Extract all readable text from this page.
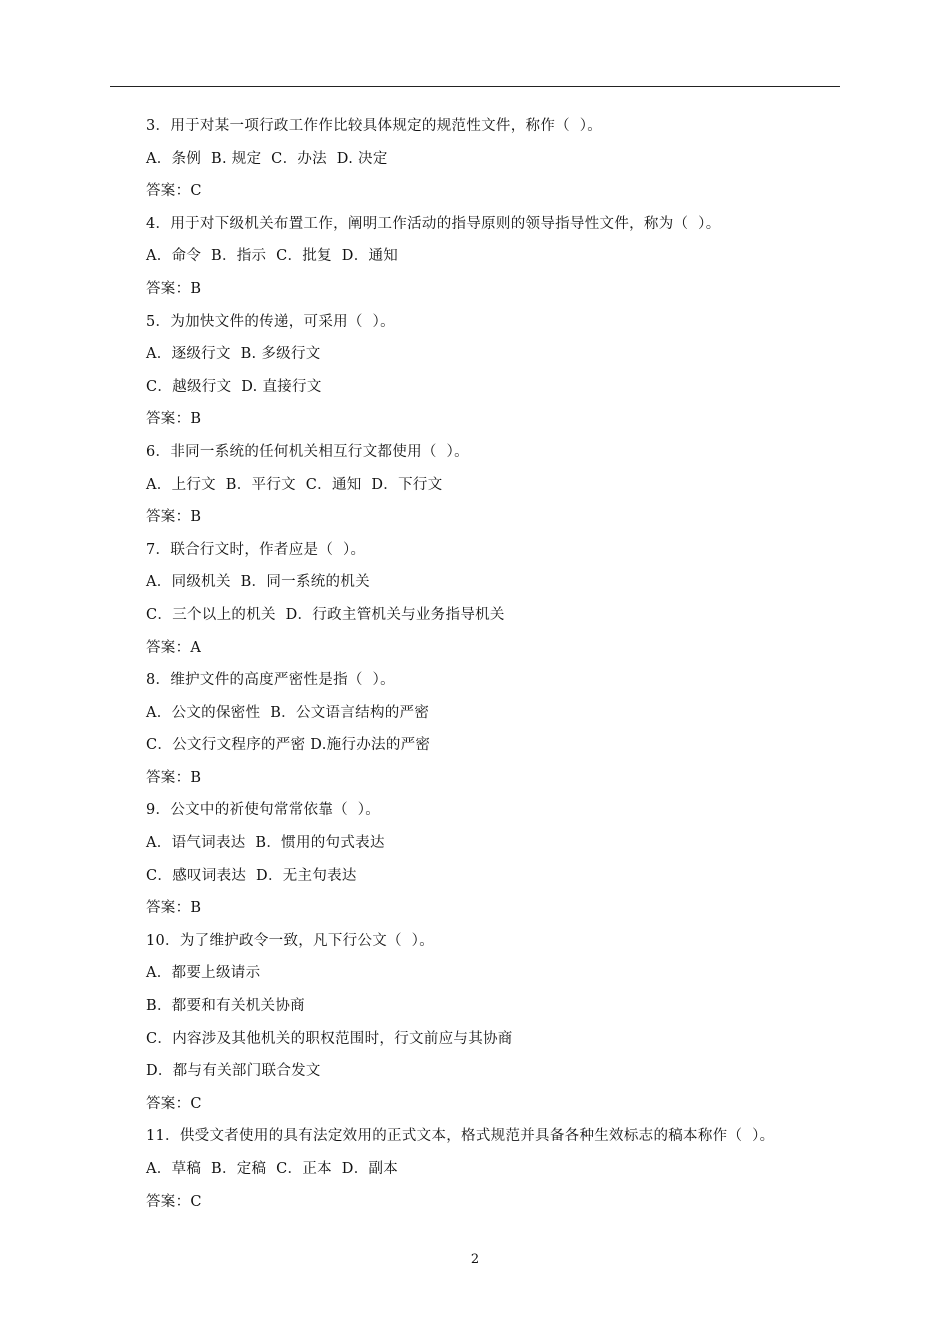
3．用于对某一项行政工作作比较具体规定的规范性文件，称作（  ）。
A．条例  B. 规定  C．办法  D. 决定
答案：C
4．用于对下级机关布置工作，阐明工作活动的指导原则的领导指导性文件，称为（  ）。
A．命令  B．指示  C．批复  D．通知
答案：B
5．为加快文件的传递，可采用（  ）。
A．逐级行文  B. 多级行文
C．越级行文  D. 直接行文
答案：B
6．非同一系统的任何机关相互行文都使用（  ）。
A．上行文  B．平行文  C．通知  D．下行文
答案：B
7．联合行文时，作者应是（  ）。
A．同级机关  B．同一系统的机关
C．三个以上的机关  D．行政主管机关与业务指导机关
答案：A
8．维护文件的高度严密性是指（  ）。
A．公文的保密性  B．公文语言结构的严密
C．公文行文程序的严密 D.施行办法的严密
答案：B
9．公文中的祈使句常常依靠（  ）。
A．语气词表达  B．惯用的句式表达
C．感叹词表达  D．无主句表达
答案：B
10．为了维护政令一致，凡下行公文（  ）。
A．都要上级请示
B．都要和有关机关协商
C．内容涉及其他机关的职权范围时，行文前应与其协商
D．都与有关部门联合发文
答案：C
11．供受文者使用的具有法定效用的正式文本，格式规范并具备各种生效标志的稿本称作（  ）。
A．草稿  B．定稿  C．正本  D．副本
答案：C
2
